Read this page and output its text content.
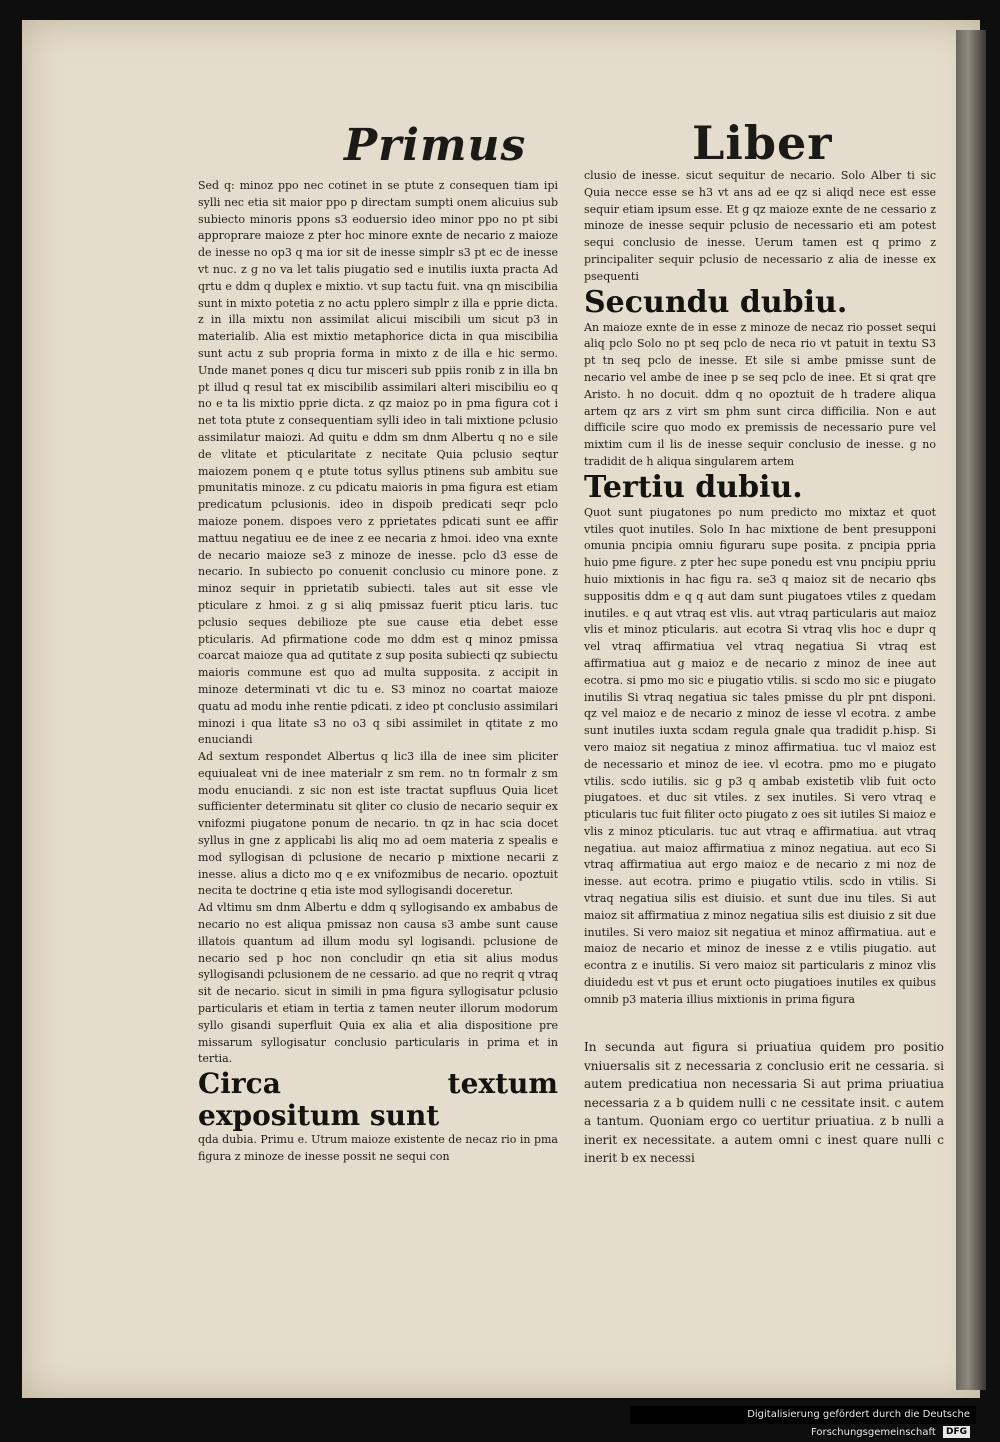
Primus	Liber

Sed q: minoz ppo nec cotinet in se ptute z consequen tiam ipi sylli nec etia sit maior ppo p directam sumpti onem alicuius sub subiecto minoris ppons s3 eoduersio ideo minor ppo no pt sibi approprare maioze z pter hoc minore exnte de necario z maioze de inesse no op3 q ma ior sit de inesse simplr s3 pt ec de inesse vt nuc. z g no va let talis piugatio sed e inutilis iuxta practa Ad qrtu e ddm q duplex e mixtio. vt sup tactu fuit. vna qn miscibilia sunt in mixto potetia z no actu pplero simplr z illa e pprie dicta. z in illa mixtu non assimilat alicui miscibili um sicut p3 in materialib. Alia est mixtio metaphorice dicta in qua miscibilia sunt actu z sub propria forma in mixto z de illa e hic sermo. Unde manet pones q dicu tur misceri sub ppiis ronib z in illa bn pt illud q resul tat ex miscibilib assimilari alteri miscibiliu eo q no e ta lis mixtio pprie dicta. z qz maioz po in pma figura cot i net tota ptute z consequentiam sylli ideo in tali mixtione pclusio assimilatur maiozi. Ad quitu e ddm sm dnm Albertu q no e sile de vlitate et pticularitate z necitate Quia pclusio seqtur maiozem ponem q e ptute totus syllus ptinens sub ambitu sue pmunitatis minoze. z cu pdicatu maioris in pma figura est etiam predicatum pclusionis. ideo in dispoib predicati seqr pclo maioze ponem. dispoes vero z pprietates pdicati sunt ee affir mattuu negatiuu ee de inee z ee necaria z hmoi. ideo vna exnte de necario maioze se3 z minoze de inesse. pclo d3 esse de necario. In subiecto po conuenit conclusio cu minore pone. z minoz sequir in pprietatib subiecti. tales aut sit esse vle pticulare z hmoi. z g si aliq pmissaz fuerit pticu laris. tuc pclusio seques debilioze pte sue cause etia debet esse pticularis. Ad pfirmatione code mo ddm est q minoz pmissa coarcat maioze qua ad qutitate z sup posita subiecti qz subiectu maioris commune est quo ad multa supposita. z accipit in minoze determinati vt dic tu e. S3 minoz no coartat maioze quatu ad modu inhe rentie pdicati. z ideo pt conclusio assimilari minozi i qua litate s3 no o3 q sibi assimilet in qtitate z mo enuciandi

Ad sextum respondet Albertus q lic3 illa de inee sim pliciter equiualeat vni de inee materialr z sm rem. no tn formalr z sm modu enuciandi. z sic non est iste tractat supfluus Quia licet sufficienter determinatu sit qliter co clusio de necario sequir ex vnifozmi piugatone ponum de necario. tn qz in hac scia docet syllus in gne z applicabi lis aliq mo ad oem materia z spealis e mod syllogisan di pclusione de necario p mixtione necarii z inesse. alius a dicto mo q e ex vnifozmibus de necario. opoztuit necita te doctrine q etia iste mod syllogisandi doceretur.

Ad vltimu sm dnm Albertu e ddm q syllogisando ex ambabus de necario no est aliqua pmissaz non causa s3 ambe sunt cause illatois quantum ad illum modu syl logisandi. pclusione de necario sed p hoc non concludir qn etia sit alius modus syllogisandi pclusionem de ne cessario. ad que no reqrit q vtraq sit de necario. sicut in simili in pma figura syllogisatur pclusio particularis et etiam in tertia z tamen neuter illorum modorum syllo gisandi superfluit Quia ex alia et alia dispositione pre missarum syllogisatur conclusio particularis in prima et in tertia.

Circa textum expositum sunt

qda dubia. Primu e. Utrum maioze existente de necaz rio in pma figura z minoze de inesse possit ne sequi con

clusio de inesse. sicut sequitur de necario. Solo Alber ti sic Quia necce esse se h3 vt ans ad ee qz si aliqd nece est esse sequir etiam ipsum esse. Et g qz maioze exnte de ne cessario z minoze de inesse sequir pclusio de necessario eti am potest sequi conclusio de inesse. Uerum tamen est q primo z principaliter sequir pclusio de necessario z alia de inesse ex psequenti

Secundu dubiu.

An maioze exnte de in esse z minoze de necaz rio posset sequi aliq pclo Solo no pt seq pclo de neca rio vt patuit in textu S3 pt tn seq pclo de inesse. Et sile si ambe pmisse sunt de necario vel ambe de inee p se seq pclo de inee. Et si qrat qre Aristo. h no docuit. ddm q no opoztuit de h tradere aliqua artem qz ars z virt sm phm sunt circa difficilia. Non e aut difficile scire quo modo ex premissis de necessario pure vel mixtim cum il lis de inesse sequir conclusio de inesse. g no tradidit de h aliqua singularem artem

Tertiu dubiu.

Quot sunt piugatones po num predicto mo mixtaz et quot vtiles quot inutiles. Solo In hac mixtione de bent presupponi omunia pncipia omniu figuraru supe posita. z pncipia ppria huio pme figure. z pter hec supe ponedu est vnu pncipiu ppriu huio mixtionis in hac figu ra. se3 q maioz sit de necario qbs suppositis ddm e q q aut dam sunt piugatoes vtiles z quedam inutiles. e q aut vtraq est vlis. aut vtraq particularis aut maioz vlis et minoz pticularis. aut ecotra Si vtraq vlis hoc e dupr q vel vtraq affirmatiua vel vtraq negatiua Si vtraq est affirmatiua aut g maioz e de necario z minoz de inee aut ecotra. si pmo mo sic e piugatio vtilis. si scdo mo sic e piugato inutilis Si vtraq negatiua sic tales pmisse du plr pnt disponi. qz vel maioz e de necario z minoz de iesse vl ecotra. z ambe sunt inutiles iuxta scdam regula gnale qua tradidit p.hisp. Si vero maioz sit negatiua z minoz affirmatiua. tuc vl maioz est de necessario et minoz de iee. vl ecotra. pmo mo e piugato vtilis. scdo iutilis. sic g p3 q ambab existetib vlib fuit octo piugatoes. et duc sit vtiles. z sex inutiles. Si vero vtraq e pticularis tuc fuit filiter octo piugato z oes sit iutiles Si maioz e vlis z minoz pticularis. tuc aut vtraq e affirmatiua. aut vtraq negatiua. aut maioz affirmatiua z minoz negatiua. aut eco Si vtraq affirmatiua aut ergo maioz e de necario z mi noz de inesse. aut ecotra. primo e piugatio vtilis. scdo in vtilis. Si vtraq negatiua silis est diuisio. et sunt due inu tiles. Si aut maioz sit affirmatiua z minoz negatiua silis est diuisio z sit due inutiles. Si vero maioz sit negatiua et minoz affirmatiua. aut e maioz de necario et minoz de inesse z e vtilis piugatio. aut econtra z e inutilis. Si vero maioz sit particularis z minoz vlis diuidedu est vt pus et erunt octo piugatioes inutiles ex quibus omnib p3 materia illius mixtionis in prima figura

In secunda aut figura si priuatiua quidem pro positio vniuersalis sit z necessaria z conclusio erit ne cessaria. si autem predicatiua non necessaria Si aut prima priuatiua necessaria z a b quidem nulli c ne cessitate insit. c autem a tantum. Quoniam ergo co uertitur priuatiua. z b nulli a inerit ex necessitate. a autem omni c inest quare nulli c inerit b ex necessi

Digitalisierung gefördert durch die Deutsche Forschungsgemeinschaft DFG
